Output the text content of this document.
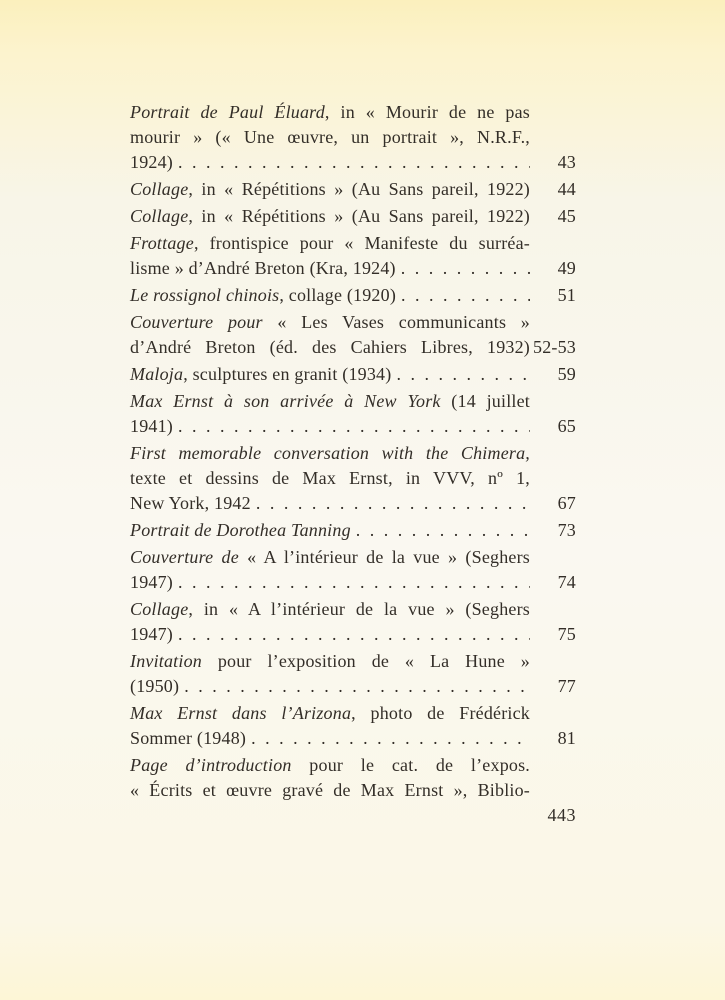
Portrait de Paul Éluard, in « Mourir de ne pas
mourir » (« Une œuvre, un portrait », N.R.F.,
1924) . . .	43
Collage, in « Répétitions » (Au Sans pareil, 1922)	44
Collage, in « Répétitions » (Au Sans pareil, 1922)	45
Frottage, frontispice pour « Manifeste du surréa-
lisme » d’André Breton (Kra, 1924) . . .	49
Le rossignol chinois, collage (1920) . . .	51
Couverture pour « Les Vases communicants »
d’André Breton (éd. des Cahiers Libres, 1932) 52-53
Maloja, sculptures en granit (1934) . . .	59
Max Ernst à son arrivée à New York (14 juillet
1941) . . .	65
First memorable conversation with the Chimera,
texte et dessins de Max Ernst, in VVV, nº 1,
New York, 1942 . . .	67
Portrait de Dorothea Tanning . . .	73
Couverture de « A l’intérieur de la vue » (Seghers
1947) . . .	74
Collage, in « A l’intérieur de la vue » (Seghers
1947) . . .	75
Invitation pour l’exposition de « La Hune »
(1950) . . .	77
Max Ernst dans l’Arizona, photo de Frédérick
Sommer (1948) . . .	81
Page d’introduction pour le cat. de l’expos.
« Écrits et œuvre gravé de Max Ernst », Biblio-
443
